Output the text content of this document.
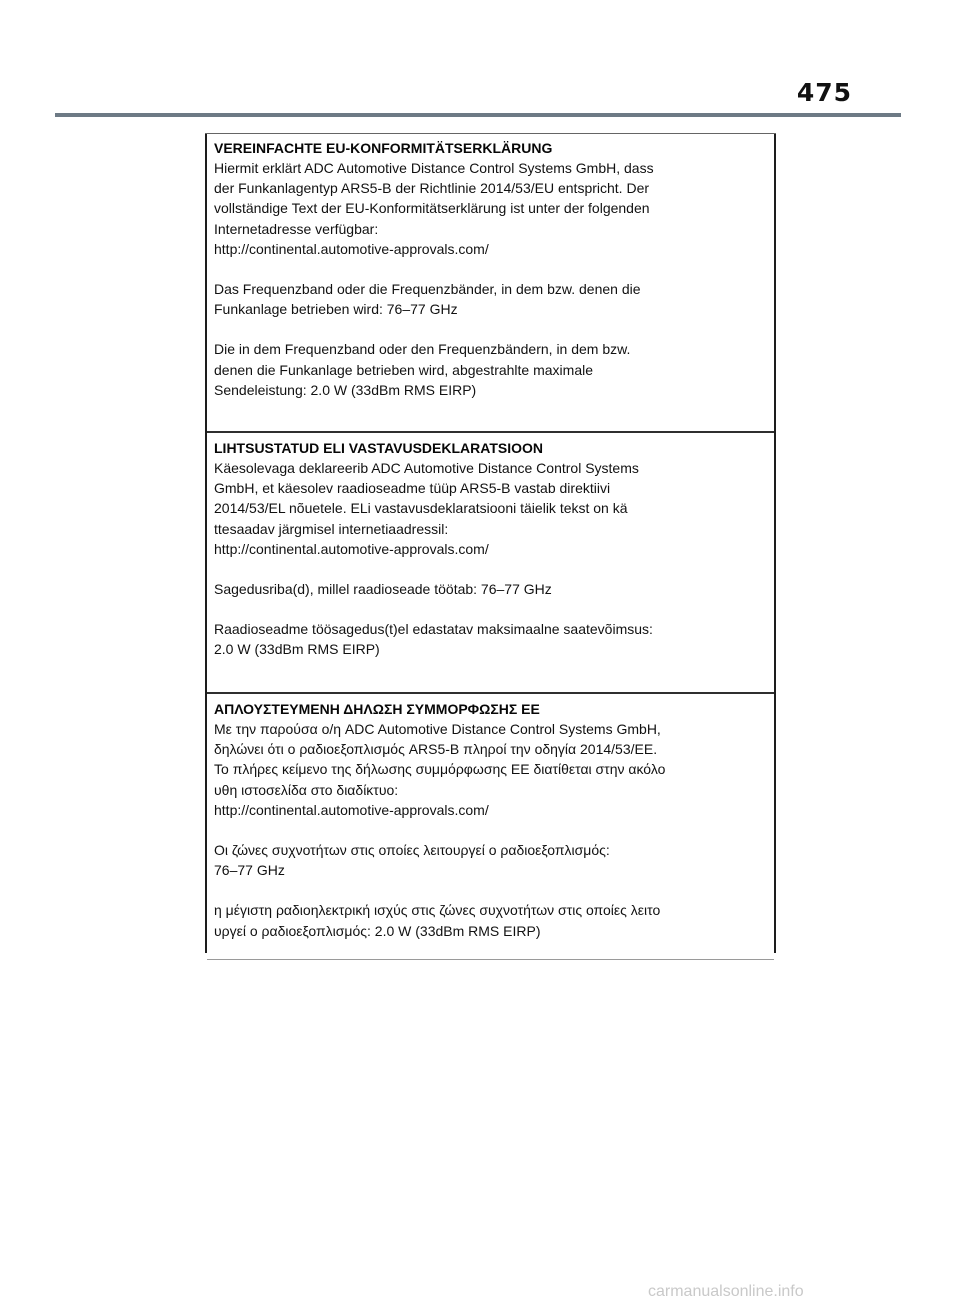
475
VEREINFACHTE EU-KONFORMITÄTSERKLÄRUNG
Hiermit erklärt ADC Automotive Distance Control Systems GmbH, dass
der Funkanlagentyp ARS5-B der Richtlinie 2014/53/EU entspricht. Der
vollständige Text der EU-Konformitätserklärung ist unter der folgenden
Internetadresse verfügbar:
http://continental.automotive-approvals.com/
Das Frequenzband oder die Frequenzbänder, in dem bzw. denen die
Funkanlage betrieben wird: 76–77 GHz
Die in dem Frequenzband oder den Frequenzbändern, in dem bzw.
denen die Funkanlage betrieben wird, abgestrahlte maximale
Sendeleistung: 2.0 W (33dBm RMS EIRP)
LIHTSUSTATUD ELI VASTAVUSDEKLARATSIOON
Käesolevaga deklareerib ADC Automotive Distance Control Systems
GmbH, et käesolev raadioseadme tüüp ARS5-B vastab direktiivi
2014/53/EL nõuetele. ELi vastavusdeklaratsiooni täielik tekst on kä
ttesaadav järgmisel internetiaadressil:
http://continental.automotive-approvals.com/
Sagedusriba(d), millel raadioseade töötab: 76–77 GHz
Raadioseadme töösagedus(t)el edastatav maksimaalne saatevõimsus:
2.0 W (33dBm RMS EIRP)
ΑΠΛΟΥΣΤΕΥΜΕΝΗ ΔΗΛΩΣΗ ΣΥΜΜΟΡΦΩΣΗΣ ΕΕ
Με την παρούσα ο/η ADC Automotive Distance Control Systems GmbH,
δηλώνει ότι ο ραδιοεξοπλισμός ARS5-B πληροί την οδηγία 2014/53/ΕΕ.
Το πλήρες κείμενο της δήλωσης συμμόρφωσης ΕΕ διατίθεται στην ακόλο
υθη ιστοσελίδα στο διαδίκτυο:
http://continental.automotive-approvals.com/
Οι ζώνες συχνοτήτων στις οποίες λειτουργεί ο ραδιοεξοπλισμός:
76–77 GHz
η μέγιστη ραδιοηλεκτρική ισχύς στις ζώνες συχνοτήτων στις οποίες λειτο
υργεί ο ραδιοεξοπλισμός: 2.0 W (33dBm RMS EIRP)
carmanualsonline.info
